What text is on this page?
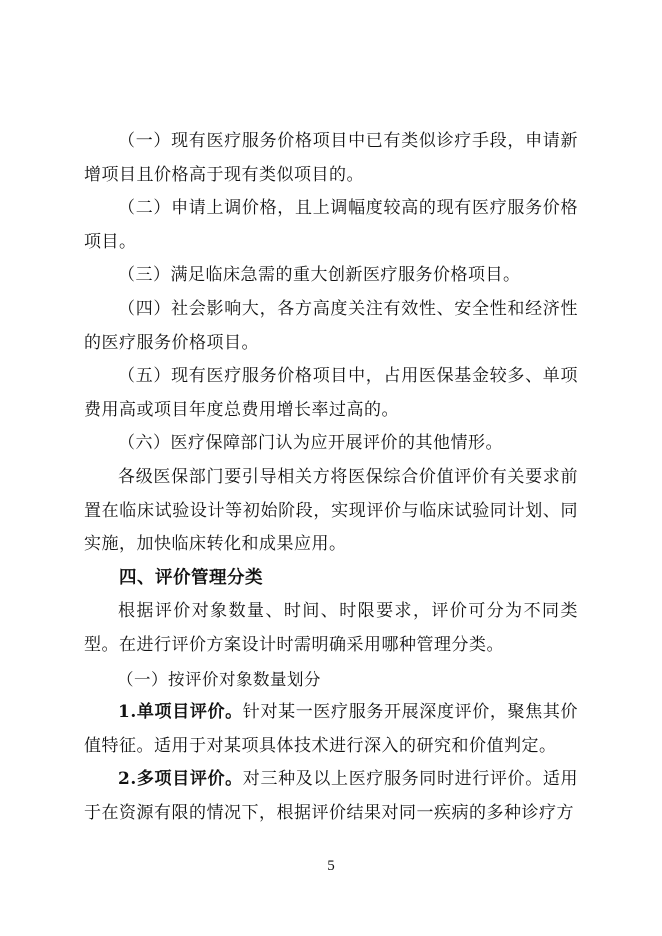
（一）现有医疗服务价格项目中已有类似诊疗手段，申请新增项目且价格高于现有类似项目的。

（二）申请上调价格，且上调幅度较高的现有医疗服务价格项目。

（三）满足临床急需的重大创新医疗服务价格项目。

（四）社会影响大，各方高度关注有效性、安全性和经济性的医疗服务价格项目。

（五）现有医疗服务价格项目中，占用医保基金较多、单项费用高或项目年度总费用增长率过高的。

（六）医疗保障部门认为应开展评价的其他情形。

各级医保部门要引导相关方将医保综合价值评价有关要求前置在临床试验设计等初始阶段，实现评价与临床试验同计划、同实施，加快临床转化和成果应用。

四、评价管理分类

根据评价对象数量、时间、时限要求，评价可分为不同类型。在进行评价方案设计时需明确采用哪种管理分类。

（一）按评价对象数量划分

1.单项目评价。针对某一医疗服务开展深度评价，聚焦其价值特征。适用于对某项具体技术进行深入的研究和价值判定。

2.多项目评价。对三种及以上医疗服务同时进行评价。适用于在资源有限的情况下，根据评价结果对同一疾病的多种诊疗方

5
